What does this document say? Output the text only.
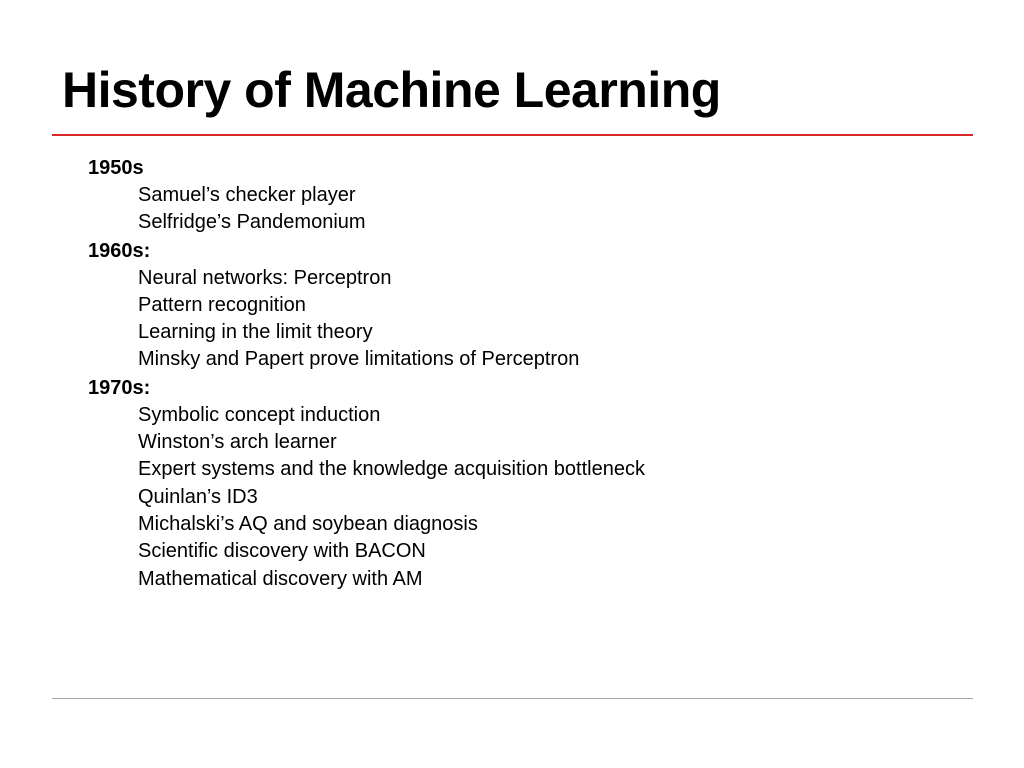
History of Machine Learning
1950s
Samuel’s checker player
Selfridge’s Pandemonium
1960s:
Neural networks: Perceptron
Pattern recognition
Learning in the limit theory
Minsky and Papert prove limitations of Perceptron
1970s:
Symbolic concept induction
Winston’s arch learner
Expert systems and the knowledge acquisition bottleneck
Quinlan’s ID3
Michalski’s AQ and soybean diagnosis
Scientific discovery with BACON
Mathematical discovery with AM
